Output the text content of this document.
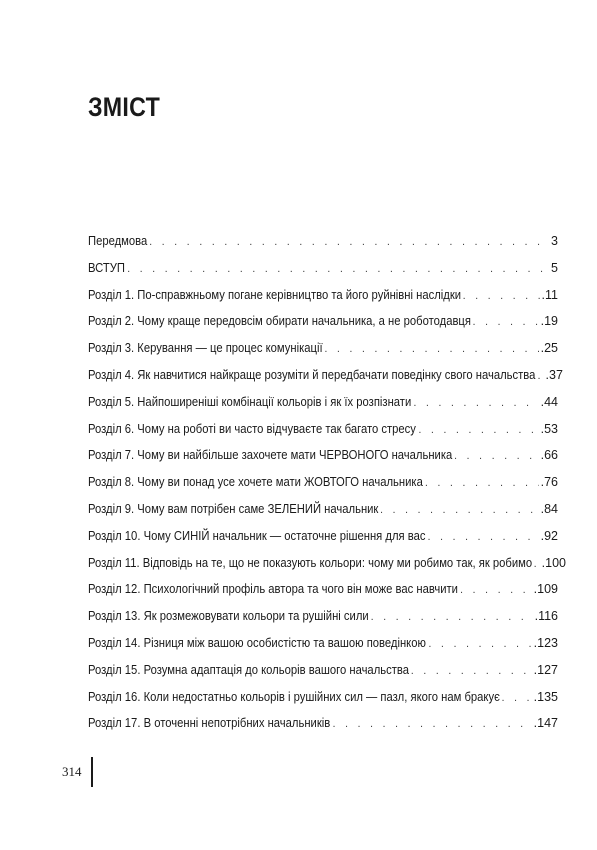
ЗМІСТ
Передмова . . .	3
ВСТУП . . .	5
Розділ 1. По-справжньому погане керівництво та його руйнівні наслідки . . .	.11
Розділ 2. Чому краще передовсім обирати начальника, а не роботодавця . . .	.19
Розділ 3. Керування — це процес комунікації . . .	.25
Розділ 4. Як навчитися найкраще розуміти й передбачати поведінку свого начальства . . . .37
Розділ 5. Найпоширеніші комбінації кольорів і як їх розпізнати . . .	.44
Розділ 6. Чому на роботі ви часто відчуваєте так багато стресу . . .	.53
Розділ 7. Чому ви найбільше захочете мати ЧЕРВОНОГО начальника . . .	.66
Розділ 8. Чому ви понад усе хочете мати ЖОВТОГО начальника . . .	.76
Розділ 9. Чому вам потрібен саме ЗЕЛЕНИЙ начальник . . .	.84
Розділ 10. Чому СИНІЙ начальник — остаточне рішення для вас . . .	.92
Розділ 11. Відповідь на те, що не показують кольори: чому ми робимо так, як робимо . . . .100
Розділ 12. Психологічний профіль автора та чого він може вас навчити . . .	.109
Розділ 13. Як розмежовувати кольори та рушійні сили . . .	.116
Розділ 14. Різниця між вашою особистістю та вашою поведінкою . . .	.123
Розділ 15. Розумна адаптація до кольорів вашого начальства . . .	.127
Розділ 16. Коли недостатньо кольорів і рушійних сил — пазл, якого нам бракує . . .	.135
Розділ 17. В оточенні непотрібних начальників . . .	.147
314
